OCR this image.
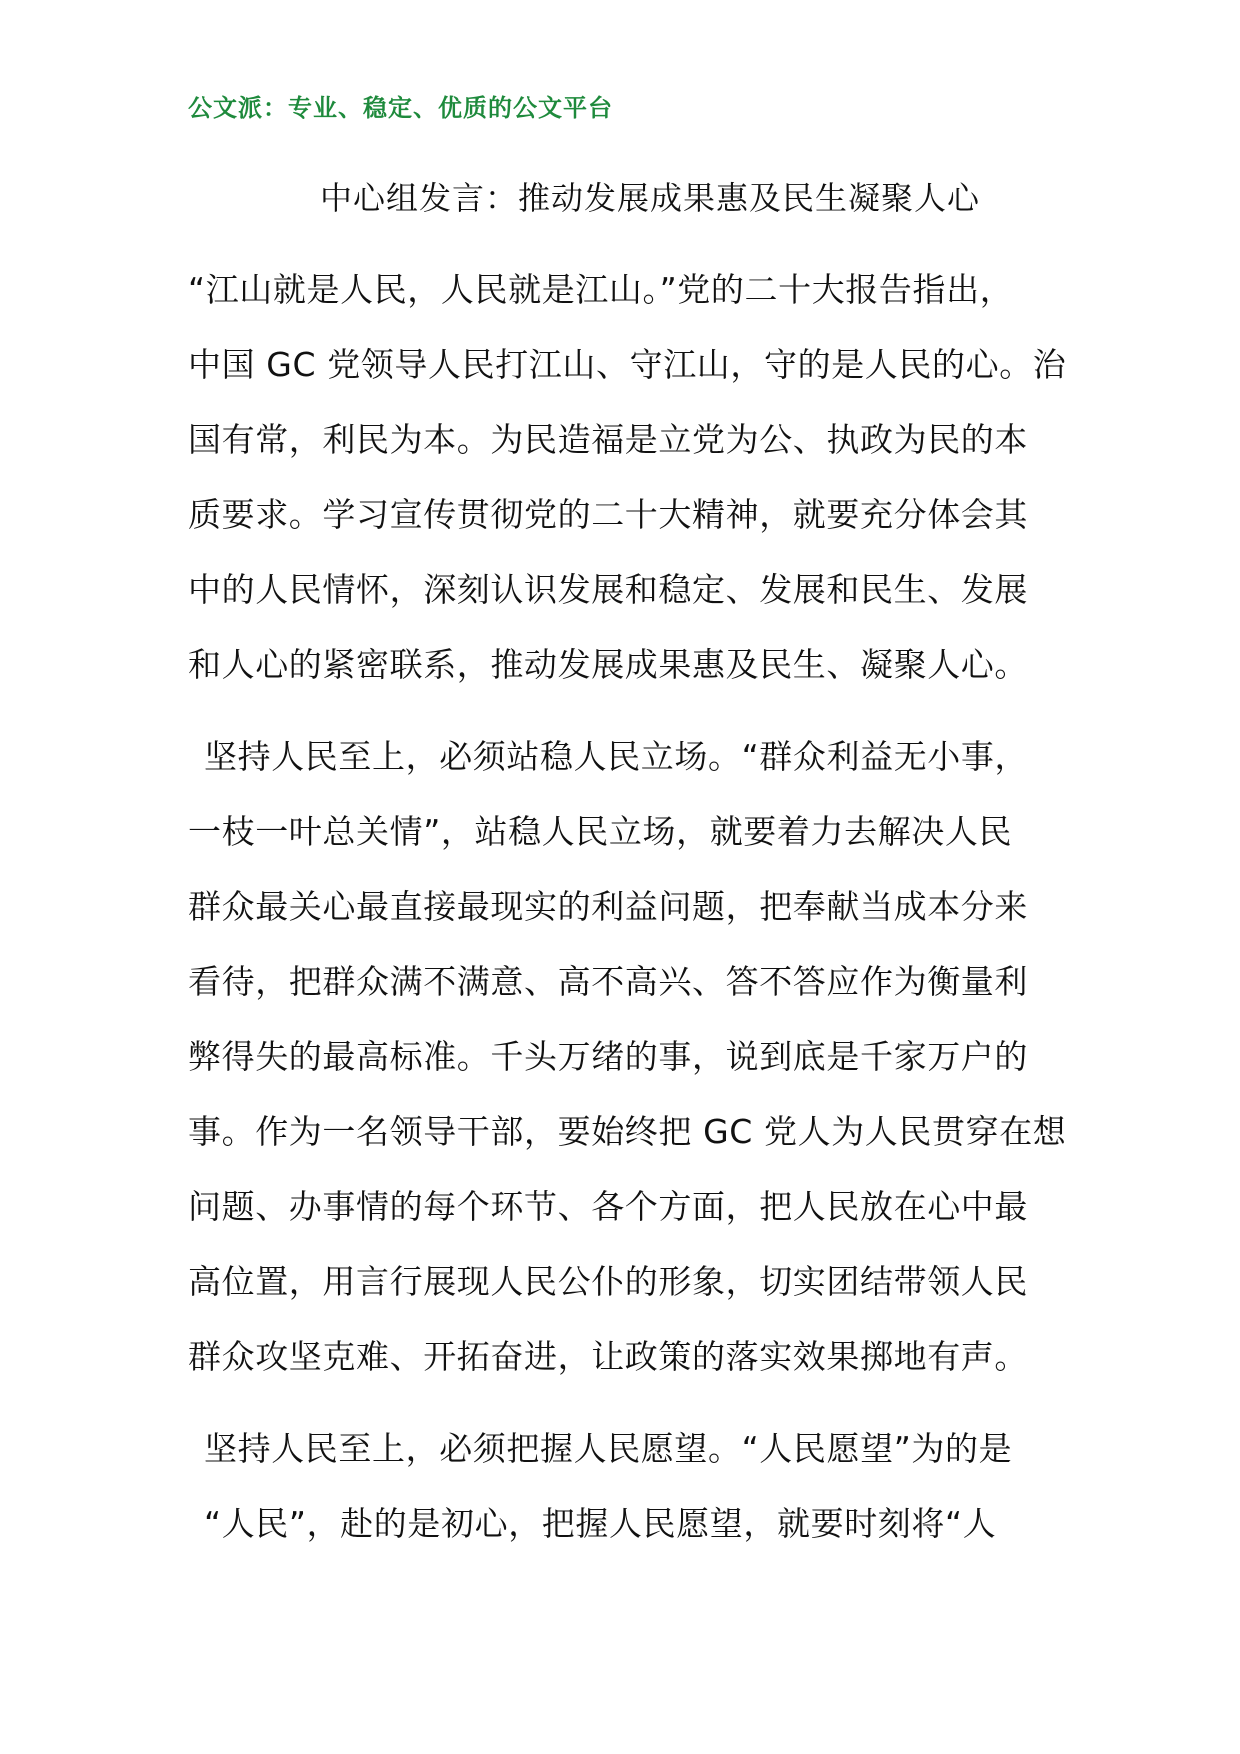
公文派：专业、稳定、优质的公文平台
中心组发言：推动发展成果惠及民生凝聚人心
“江山就是人民，人民就是江山。”党的二十大报告指出，
中国 GC 党领导人民打江山、守江山，守的是人民的心。治
国有常，利民为本。为民造福是立党为公、执政为民的本
质要求。学习宣传贯彻党的二十大精神，就要充分体会其
中的人民情怀，深刻认识发展和稳定、发展和民生、发展
和人心的紧密联系，推动发展成果惠及民生、凝聚人心。
坚持人民至上，必须站稳人民立场。“群众利益无小事，
一枝一叶总关情”，站稳人民立场，就要着力去解决人民
群众最关心最直接最现实的利益问题，把奉献当成本分来
看待，把群众满不满意、高不高兴、答不答应作为衡量利
弊得失的最高标准。千头万绪的事，说到底是千家万户的
事。作为一名领导干部，要始终把 GC 党人为人民贯穿在想
问题、办事情的每个环节、各个方面，把人民放在心中最
高位置，用言行展现人民公仆的形象，切实团结带领人民
群众攻坚克难、开拓奋进，让政策的落实效果掷地有声。
坚持人民至上，必须把握人民愿望。“人民愿望”为的是
“人民”，赴的是初心，把握人民愿望，就要时刻将“人
